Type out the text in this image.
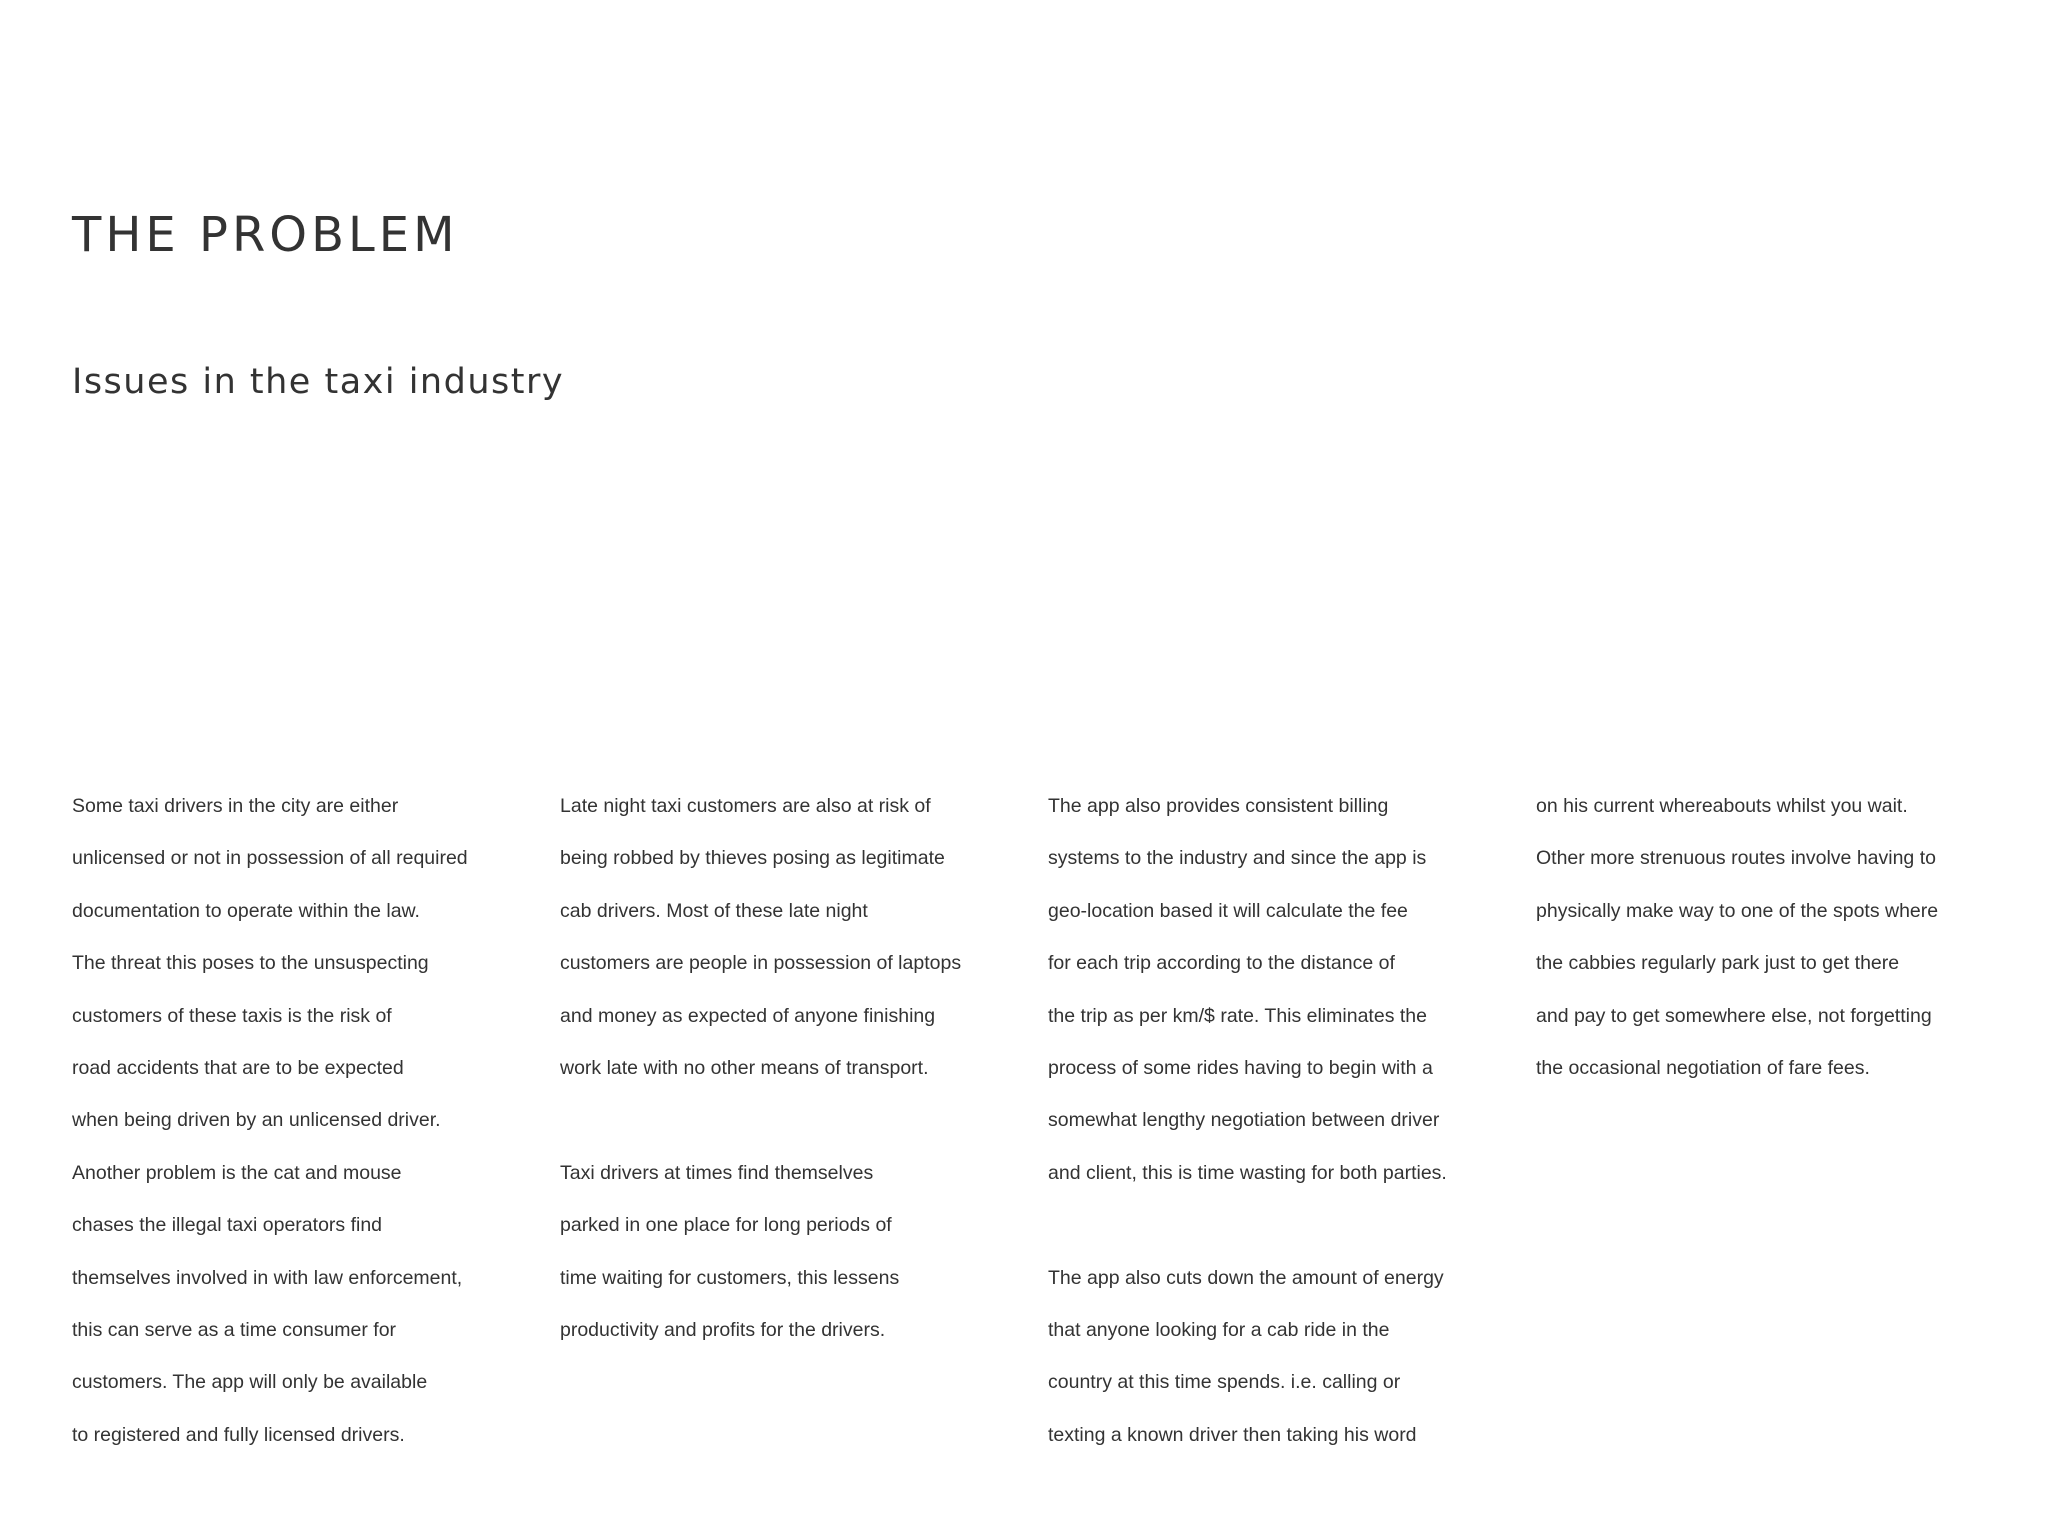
THE PROBLEM
Issues in the taxi industry
Some taxi drivers in the city are either
unlicensed or not in possession of all required
documentation to operate within the law.
The threat this poses to the unsuspecting
customers of these taxis is the risk of
road accidents that are to be expected
when being driven by an unlicensed driver.
Another problem is the cat and mouse
chases the illegal taxi operators find
themselves involved in with law enforcement,
this can serve as a time consumer for
customers. The app will only be available
to registered and fully licensed drivers.
Late night taxi customers are also at risk of
being robbed by thieves posing as legitimate
cab drivers. Most of these late night
customers are people in possession of laptops
and money as expected of anyone finishing
work late with no other means of transport.
Taxi drivers at times find themselves
parked in one place for long periods of
time waiting for customers, this lessens
productivity and profits for the drivers.
The app also provides consistent billing
systems to the industry and since the app is
geo-location based it will calculate the fee
for each trip according to the distance of
the trip as per km/$ rate. This eliminates the
process of some rides having to begin with a
somewhat lengthy negotiation between driver
and client, this is time wasting for both parties.
The app also cuts down the amount of energy
that anyone looking for a cab ride in the
country at this time spends. i.e. calling or
texting a known driver then taking his word
on his current whereabouts whilst you wait.
Other more strenuous routes involve having to
physically make way to one of the spots where
the cabbies regularly park just to get there
and pay to get somewhere else, not forgetting
the occasional negotiation of fare fees.
